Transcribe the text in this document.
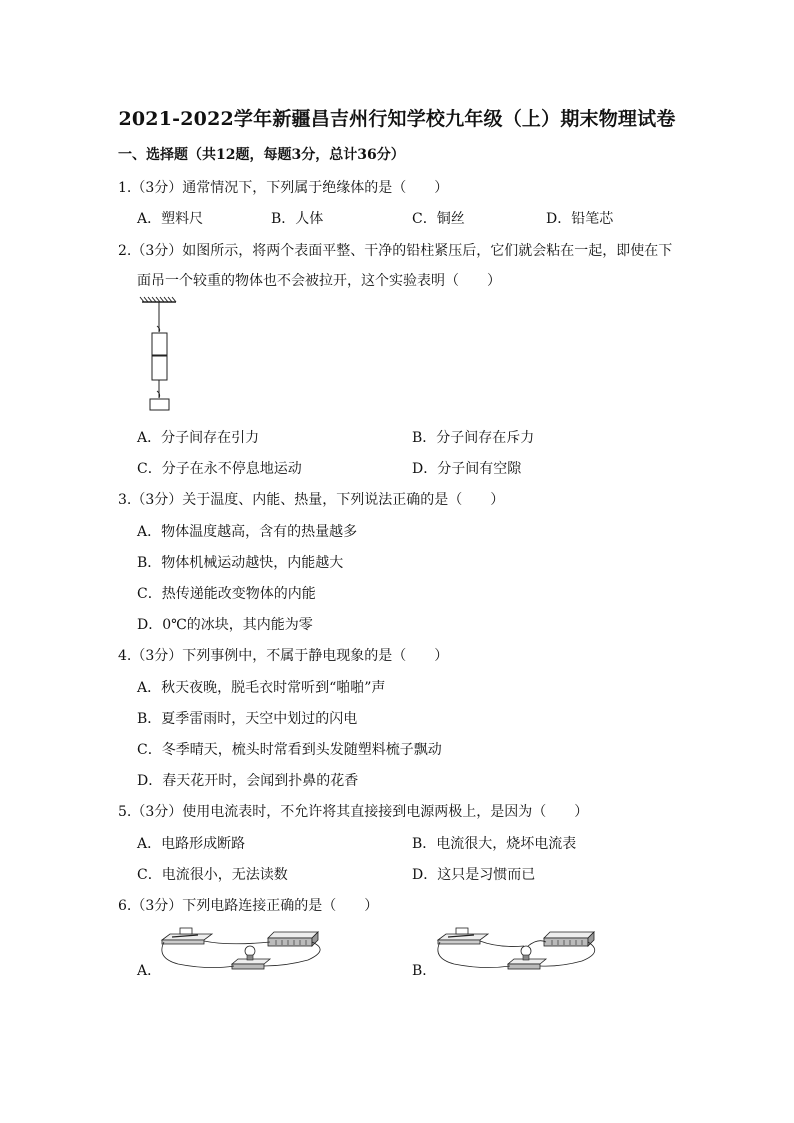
2021-2022学年新疆昌吉州行知学校九年级（上）期末物理试卷
一、选择题（共12题，每题3分，总计36分）
1.（3分）通常情况下，下列属于绝缘体的是（　　）
A．塑料尺	B．人体	C．铜丝	D．铅笔芯
2.（3分）如图所示，将两个表面平整、干净的铅柱紧压后，它们就会粘在一起，即使在下
面吊一个较重的物体也不会被拉开，这个实验表明（　　）
A．分子间存在引力	B．分子间存在斥力
C．分子在永不停息地运动	D．分子间有空隙
3.（3分）关于温度、内能、热量，下列说法正确的是（　　）
A．物体温度越高，含有的热量越多
B．物体机械运动越快，内能越大
C．热传递能改变物体的内能
D．0℃的冰块，其内能为零
4.（3分）下列事例中，不属于静电现象的是（　　）
A．秋天夜晚，脱毛衣时常听到“啪啪”声
B．夏季雷雨时，天空中划过的闪电
C．冬季晴天，梳头时常看到头发随塑料梳子飘动
D．春天花开时，会闻到扑鼻的花香
5.（3分）使用电流表时，不允许将其直接接到电源两极上，是因为（　　）
A．电路形成断路	B．电流很大，烧坏电流表
C．电流很小，无法读数	D．这只是习惯而已
6.（3分）下列电路连接正确的是（　　）
A．	B．
